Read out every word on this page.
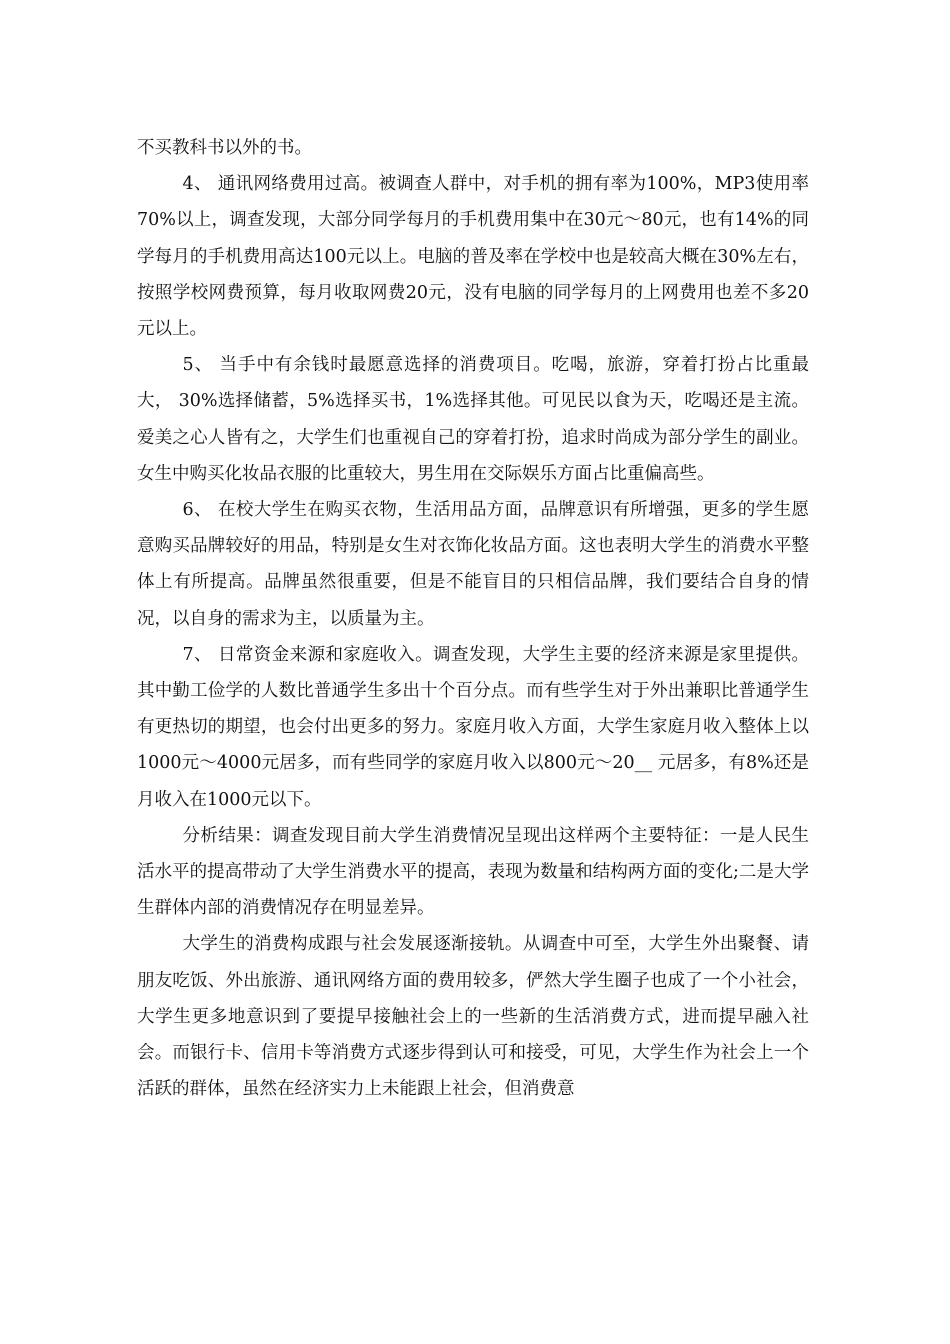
不买教科书以外的书。

4、 通讯网络费用过高。被调查人群中，对手机的拥有率为100%，MP3使用率70%以上，调查发现，大部分同学每月的手机费用集中在30元～80元，也有14%的同学每月的手机费用高达100元以上。电脑的普及率在学校中也是较高大概在30%左右，按照学校网费预算，每月收取网费20元，没有电脑的同学每月的上网费用也差不多20元以上。

5、 当手中有余钱时最愿意选择的消费项目。吃喝，旅游，穿着打扮占比重最大， 30%选择储蓄，5%选择买书，1%选择其他。可见民以食为天，吃喝还是主流。爱美之心人皆有之，大学生们也重视自己的穿着打扮，追求时尚成为部分学生的副业。女生中购买化妆品衣服的比重较大，男生用在交际娱乐方面占比重偏高些。

6、 在校大学生在购买衣物，生活用品方面，品牌意识有所增强，更多的学生愿意购买品牌较好的用品，特别是女生对衣饰化妆品方面。这也表明大学生的消费水平整体上有所提高。品牌虽然很重要，但是不能盲目的只相信品牌，我们要结合自身的情况，以自身的需求为主，以质量为主。

7、 日常资金来源和家庭收入。调查发现，大学生主要的经济来源是家里提供。其中勤工俭学的人数比普通学生多出十个百分点。而有些学生对于外出兼职比普通学生有更热切的期望，也会付出更多的努力。家庭月收入方面，大学生家庭月收入整体上以1000元～4000元居多，而有些同学的家庭月收入以800元～20__ 元居多，有8%还是月收入在1000元以下。

分析结果：调查发现目前大学生消费情况呈现出这样两个主要特征：一是人民生活水平的提高带动了大学生消费水平的提高，表现为数量和结构两方面的变化;二是大学生群体内部的消费情况存在明显差异。

大学生的消费构成跟与社会发展逐渐接轨。从调查中可至，大学生外出聚餐、请朋友吃饭、外出旅游、通讯网络方面的费用较多，俨然大学生圈子也成了一个小社会，大学生更多地意识到了要提早接触社会上的一些新的生活消费方式，进而提早融入社会。而银行卡、信用卡等消费方式逐步得到认可和接受，可见，大学生作为社会上一个活跃的群体，虽然在经济实力上未能跟上社会，但消费意
